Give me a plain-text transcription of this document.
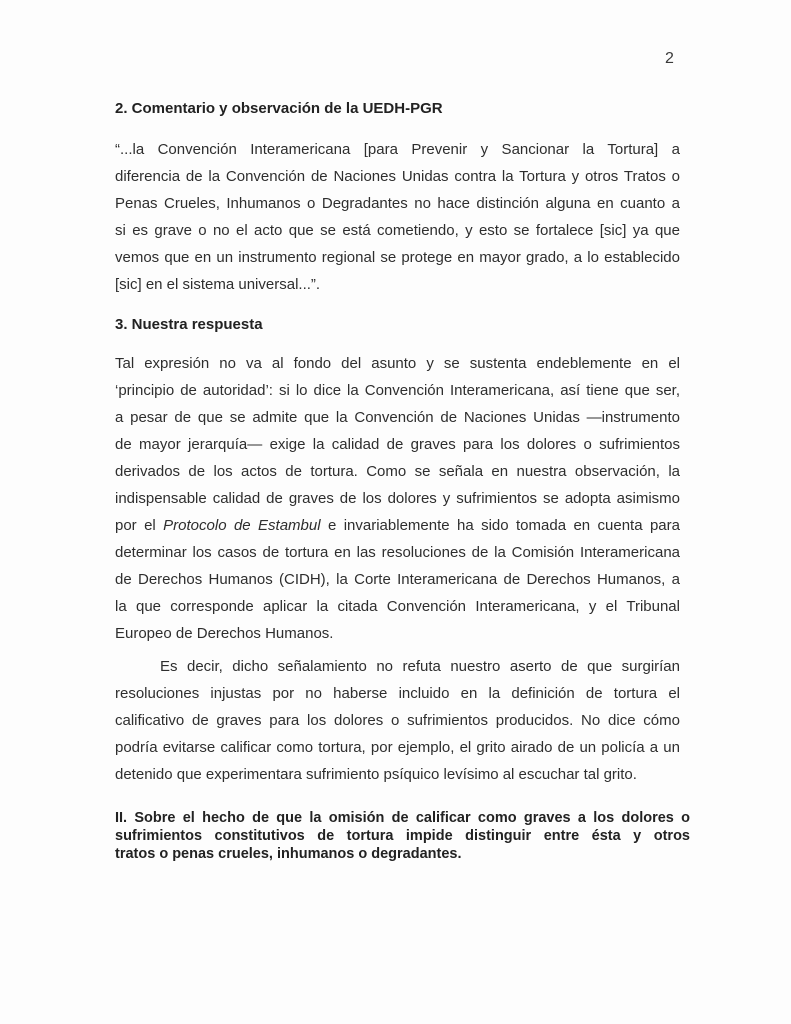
2
2. Comentario y observación de la UEDH-PGR
“...la Convención Interamericana [para Prevenir y Sancionar la Tortura] a
diferencia de la Convención de Naciones Unidas contra la Tortura y otros Tratos o
Penas Crueles, Inhumanos o Degradantes no hace distinción alguna en cuanto a
si es grave o no el acto que se está cometiendo, y esto se fortalece [sic] ya que
vemos que en un instrumento regional se protege en mayor grado, a lo establecido
[sic] en el sistema universal...”.
3. Nuestra respuesta
Tal expresión no va al fondo del asunto y se sustenta endeblemente en el
‘principio de autoridad’: si lo dice la Convención Interamericana, así tiene que ser,
a pesar de que se admite que la Convención de Naciones Unidas —instrumento
de mayor jerarquía— exige la calidad de graves para los dolores o sufrimientos
derivados de los actos de tortura. Como se señala en nuestra observación, la
indispensable calidad de graves de los dolores y sufrimientos se adopta asimismo
por el Protocolo de Estambul e invariablemente ha sido tomada en cuenta para
determinar los casos de tortura en las resoluciones de la Comisión Interamericana
de Derechos Humanos (CIDH), la Corte Interamericana de Derechos Humanos, a
la que corresponde aplicar la citada Convención Interamericana, y el Tribunal
Europeo de Derechos Humanos.
Es decir, dicho señalamiento no refuta nuestro aserto de que surgirían
resoluciones injustas por no haberse incluido en la definición de tortura el
calificativo de graves para los dolores o sufrimientos producidos. No dice cómo
podría evitarse calificar como tortura, por ejemplo, el grito airado de un policía a un
detenido que experimentara sufrimiento psíquico levísimo al escuchar tal grito.
II. Sobre el hecho de que la omisión de calificar como graves a los dolores o
sufrimientos constitutivos de tortura impide distinguir entre ésta y otros
tratos o penas crueles, inhumanos o degradantes.
